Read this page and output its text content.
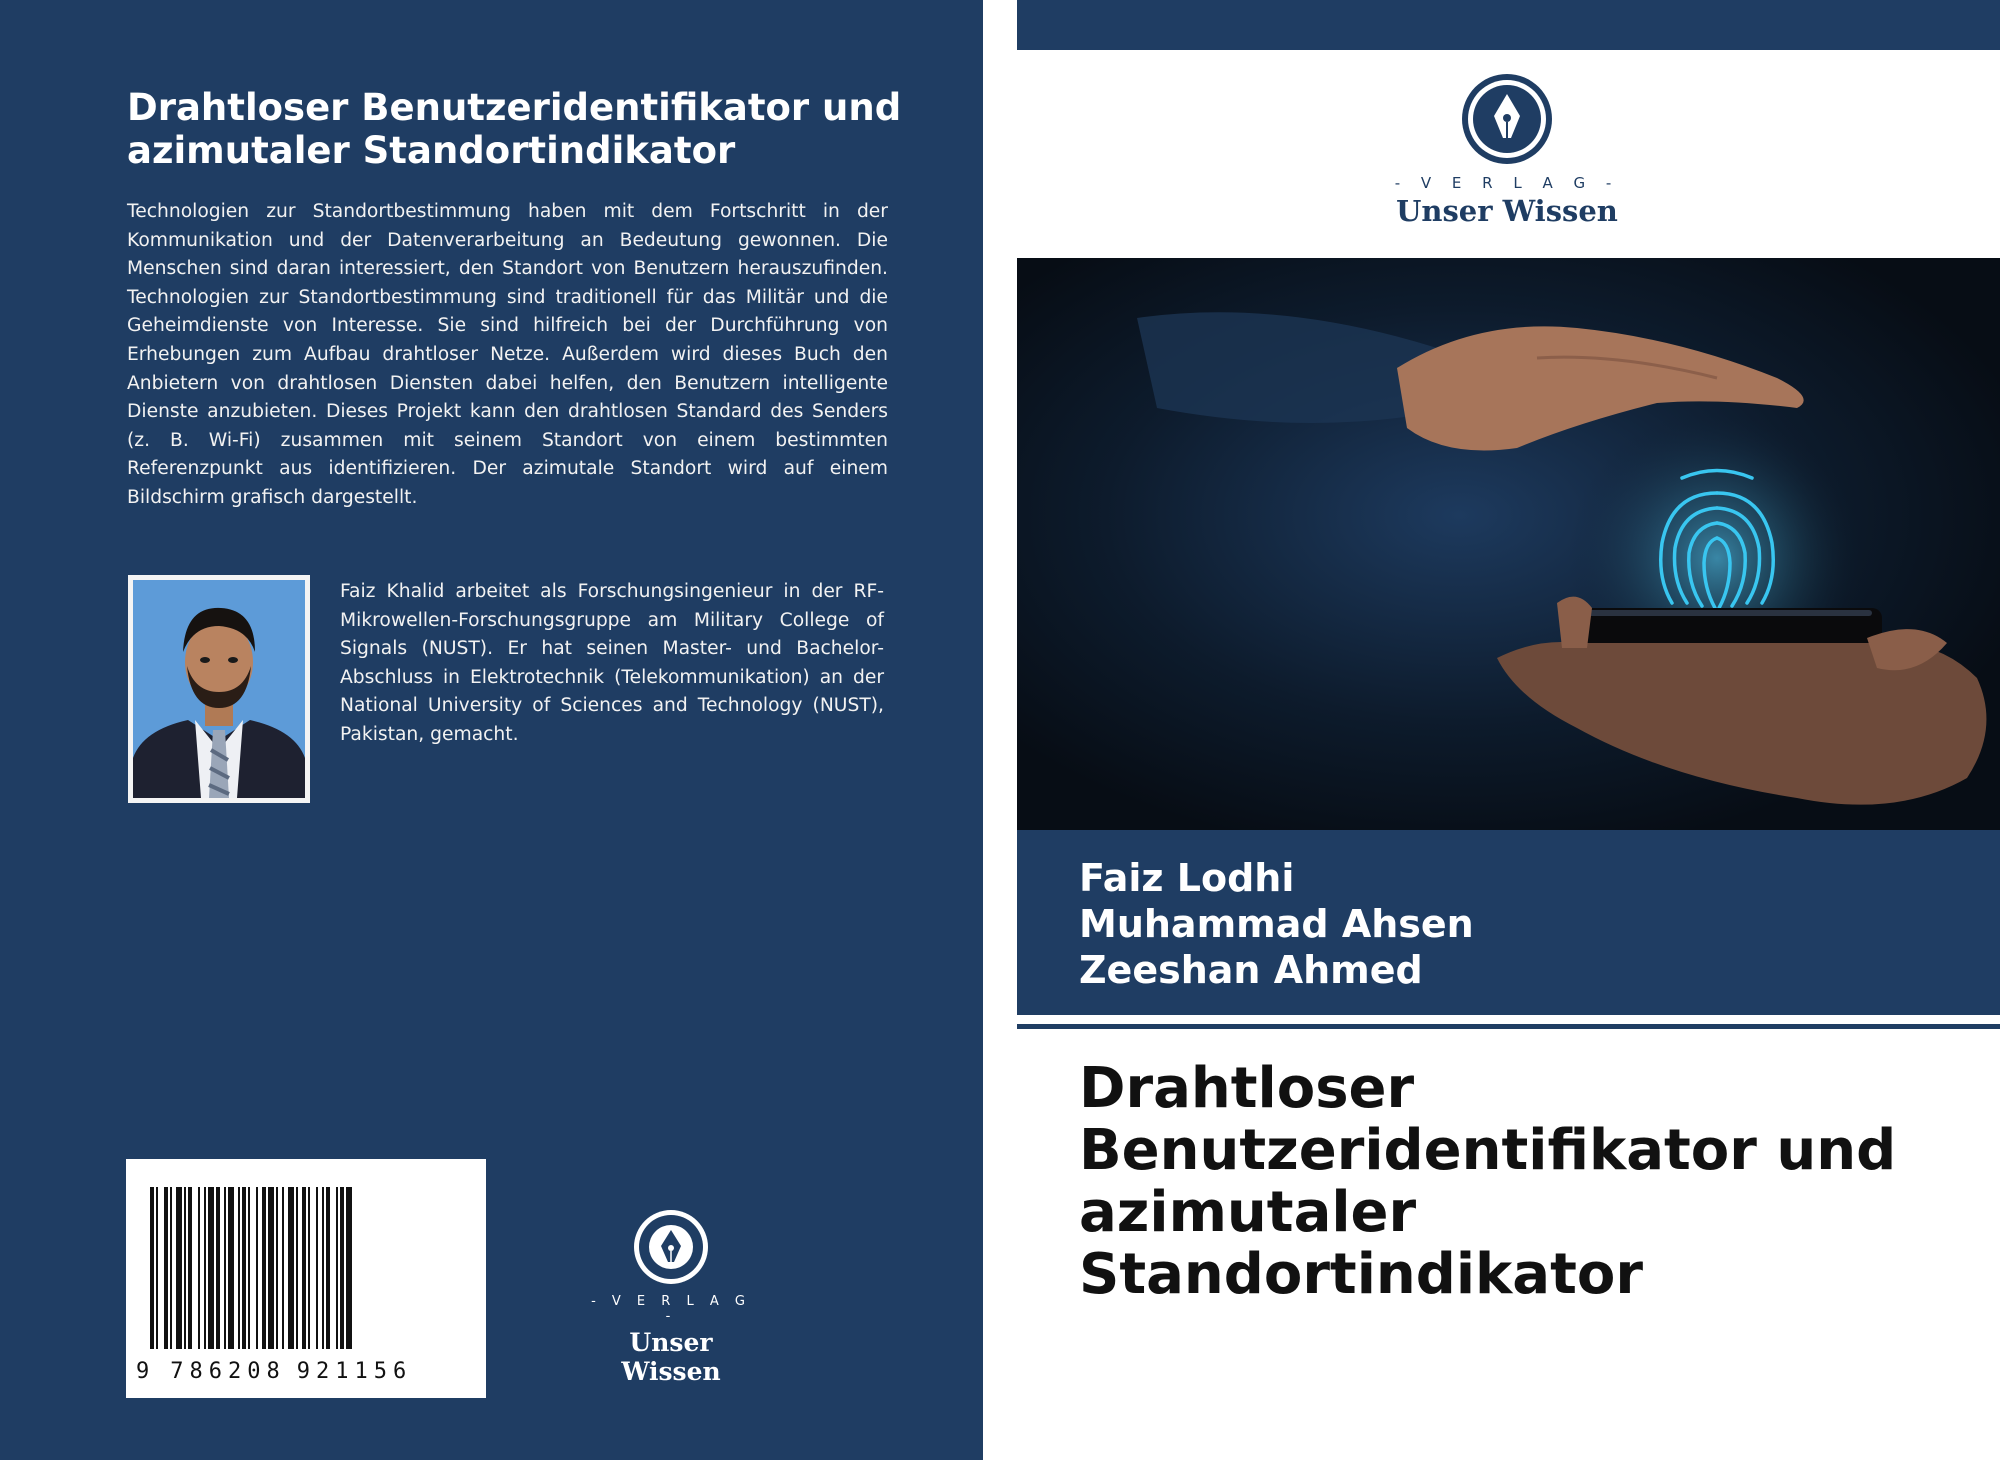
Drahtloser Benutzeridentifikator und azimutaler Standortindikator

Technologien zur Standortbestimmung haben mit dem Fortschritt in der Kommunikation und der Datenverarbeitung an Bedeutung gewonnen. Die Menschen sind daran interessiert, den Standort von Benutzern herauszufinden. Technologien zur Standortbestimmung sind traditionell für das Militär und die Geheimdienste von Interesse. Sie sind hilfreich bei der Durchführung von Erhebungen zum Aufbau drahtloser Netze. Außerdem wird dieses Buch den Anbietern von drahtlosen Diensten dabei helfen, den Benutzern intelligente Dienste anzubieten. Dieses Projekt kann den drahtlosen Standard des Senders (z. B. Wi-Fi) zusammen mit seinem Standort von einem bestimmten Referenzpunkt aus identifizieren. Der azimutale Standort wird auf einem Bildschirm grafisch dargestellt.

Faiz Khalid arbeitet als Forschungsingenieur in der RF-Mikrowellen-Forschungsgruppe am Military College of Signals (NUST). Er hat seinen Master- und Bachelor-Abschluss in Elektrotechnik (Telekommunikation) an der National University of Sciences and Technology (NUST), Pakistan, gemacht.

9 7 8 6 2 0 8 9 2 1 1 5 6
- V E R L A G -
Unser Wissen
- V E R L A G -
Unser Wissen
Faiz Lodhi
Muhammad Ahsen
Zeeshan Ahmed
Drahtloser Benutzeridentifikator und azimutaler Standortindikator
